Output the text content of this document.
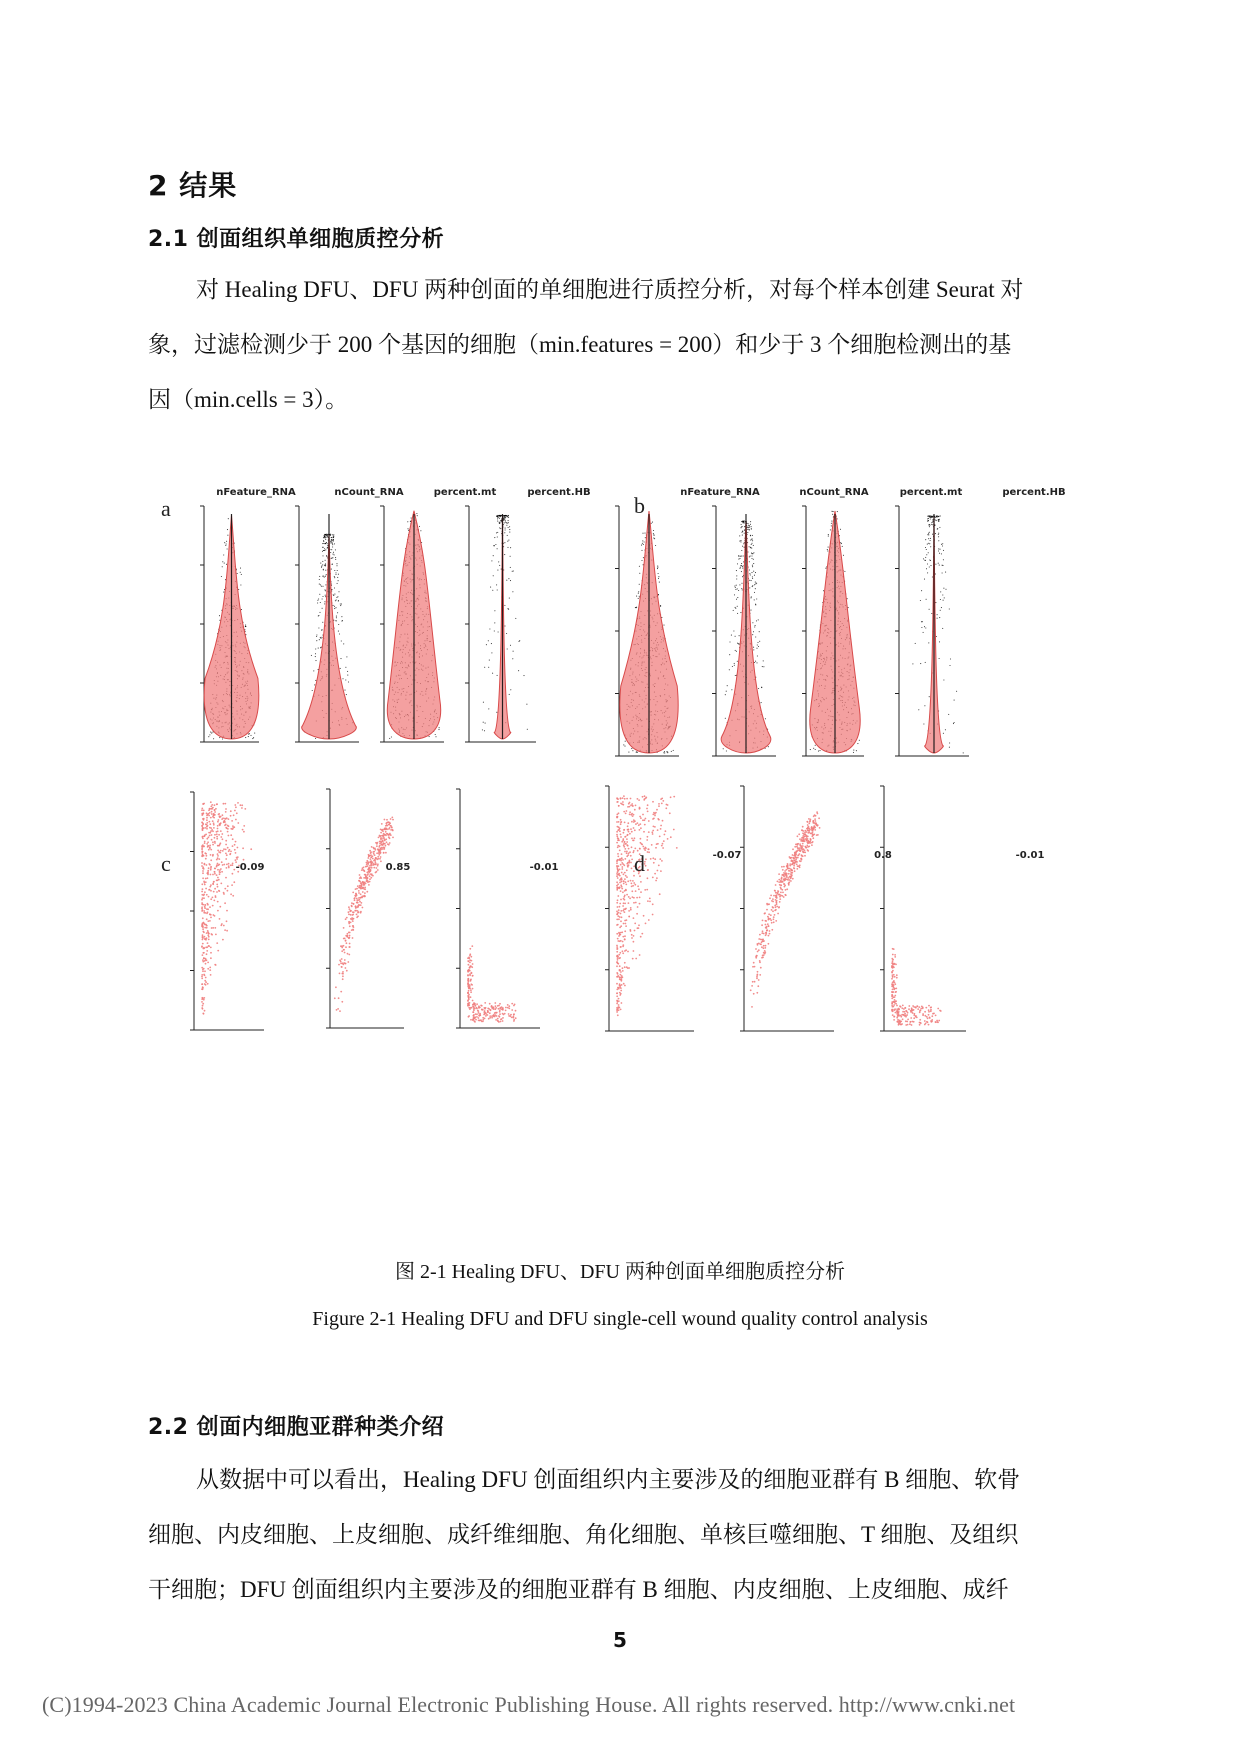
2 结果
2.1 创面组织单细胞质控分析
对 Healing DFU、DFU 两种创面的单细胞进行质控分析，对每个样本创建 Seurat 对
象，过滤检测少于 200 个基因的细胞（min.features = 200）和少于 3 个细胞检测出的基
因（min.cells = 3）。
a	b
c	d
nFeature_RNA	nCount_RNA	percent.mt	percent.HB	nFeature_RNA	nCount_RNA	percent.mt	percent.HB
-0.09	0.85	-0.01
-0.07	0.8	-0.01
图 2-1 Healing DFU、DFU 两种创面单细胞质控分析
Figure 2-1 Healing DFU and DFU single-cell wound quality control analysis
2.2 创面内细胞亚群种类介绍
从数据中可以看出，Healing DFU 创面组织内主要涉及的细胞亚群有 B 细胞、软骨
细胞、内皮细胞、上皮细胞、成纤维细胞、角化细胞、单核巨噬细胞、T 细胞、及组织
干细胞；DFU 创面组织内主要涉及的细胞亚群有 B 细胞、内皮细胞、上皮细胞、成纤
5
(C)1994-2023 China Academic Journal Electronic Publishing House. All rights reserved. http://www.cnki.net
